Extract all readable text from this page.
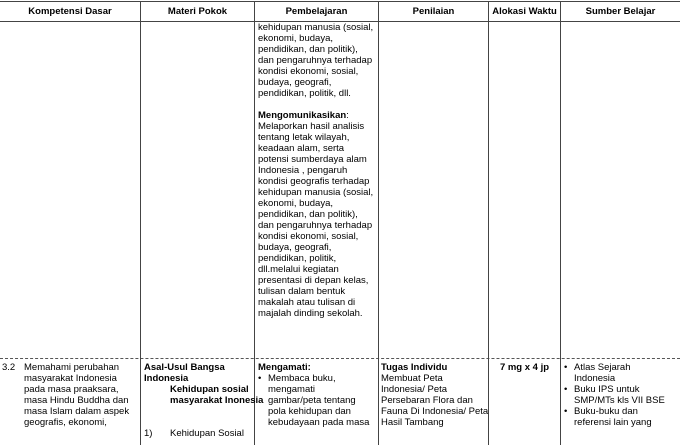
Kompetensi Dasar	Materi Pokok	Pembelajaran	Penilaian	Alokasi Waktu	Sumber Belajar
kehidupan manusia (sosial,
ekonomi, budaya,
pendidikan, dan politik),
dan pengaruhnya terhadap
kondisi ekonomi, sosial,
budaya, geografi,
pendidikan, politik, dll.
Mengomunikasikan:
Melaporkan hasil analisis
tentang letak wilayah,
keadaan alam, serta
potensi sumberdaya alam
Indonesia , pengaruh
kondisi geografis terhadap
kehidupan manusia (sosial,
ekonomi, budaya,
pendidikan, dan politik),
dan pengaruhnya terhadap
kondisi ekonomi, sosial,
budaya, geografi,
pendidikan, politik,
dll.melalui kegiatan
presentasi di depan kelas,
tulisan dalam bentuk
makalah atau tulisan di
majalah dinding sekolah.
3.2 Memahami perubahan
masyarakat Indonesia
pada masa praaksara,
masa Hindu Buddha dan
masa Islam dalam aspek
geografis, ekonomi,
Asal-Usul Bangsa
Indonesia
Kehidupan sosial
masyarakat Inonesia
1) Kehidupan Sosial
Mengamati:
• Membaca buku,
mengamati
gambar/peta tentang
pola kehidupan dan
kebudayaan pada masa
Tugas Individu
Membuat Peta
Indonesia/ Peta
Persebaran Flora dan
Fauna Di Indonesia/ Peta
Hasil Tambang
7 mg x 4 jp
•	Atlas Sejarah
Indonesia
• Buku IPS untuk
SMP/MTs kls VII BSE
• Buku-buku dan
referensi lain yang
